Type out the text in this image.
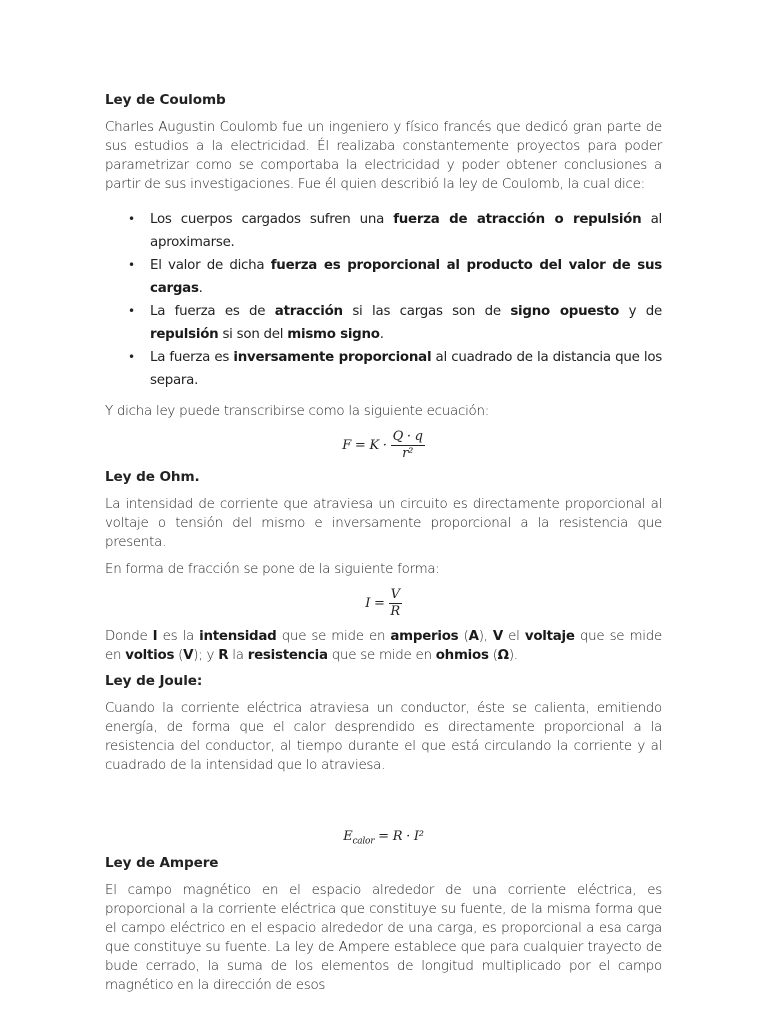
Ley de Coulomb

Charles Augustin Coulomb fue un ingeniero y físico francés que dedicó gran parte de sus estudios a la electricidad. Él realizaba constantemente proyectos para poder parametrizar como se comportaba la electricidad y poder obtener conclusiones a partir de sus investigaciones. Fue él quien describió la ley de Coulomb, la cual dice:

• Los cuerpos cargados sufren una fuerza de atracción o repulsión al aproximarse.
• El valor de dicha fuerza es proporcional al producto del valor de sus cargas.
• La fuerza es de atracción si las cargas son de signo opuesto y de repulsión si son del mismo signo.
• La fuerza es inversamente proporcional al cuadrado de la distancia que los separa.

Y dicha ley puede transcribirse como la siguiente ecuación:

$F = K \cdot \frac{Q \cdot q}{\text{r²}}$
Ley de Ohm.

La intensidad de corriente que atraviesa un circuito es directamente proporcional al voltaje o tensión del mismo e inversamente proporcional a la resistencia que presenta.

En forma de fracción se pone de la siguiente forma:

$I = \frac{V}{R}$

Donde I es la intensidad que se mide en amperios (A), V el voltaje que se mide en voltios (V); y R la resistencia que se mide en ohmios (Ω).

Ley de Joule:

Cuando la corriente eléctrica atraviesa un conductor, éste se calienta, emitiendo energía, de forma que el calor desprendido es directamente proporcional a la resistencia del conductor, al tiempo durante el que está circulando la corriente y al cuadrado de la intensidad que lo atraviesa.

$E_{calor} = R \cdot I^2$
Ley de Ampere

El campo magnético en el espacio alrededor de una corriente eléctrica, es proporcional a la corriente eléctrica que constituye su fuente, de la misma forma que el campo eléctrico en el espacio alrededor de una carga, es proporcional a esa carga que constituye su fuente. La ley de Ampere establece que para cualquier trayecto de bude cerrado, la suma de los elementos de longitud multiplicado por el campo magnético en la dirección de esos
